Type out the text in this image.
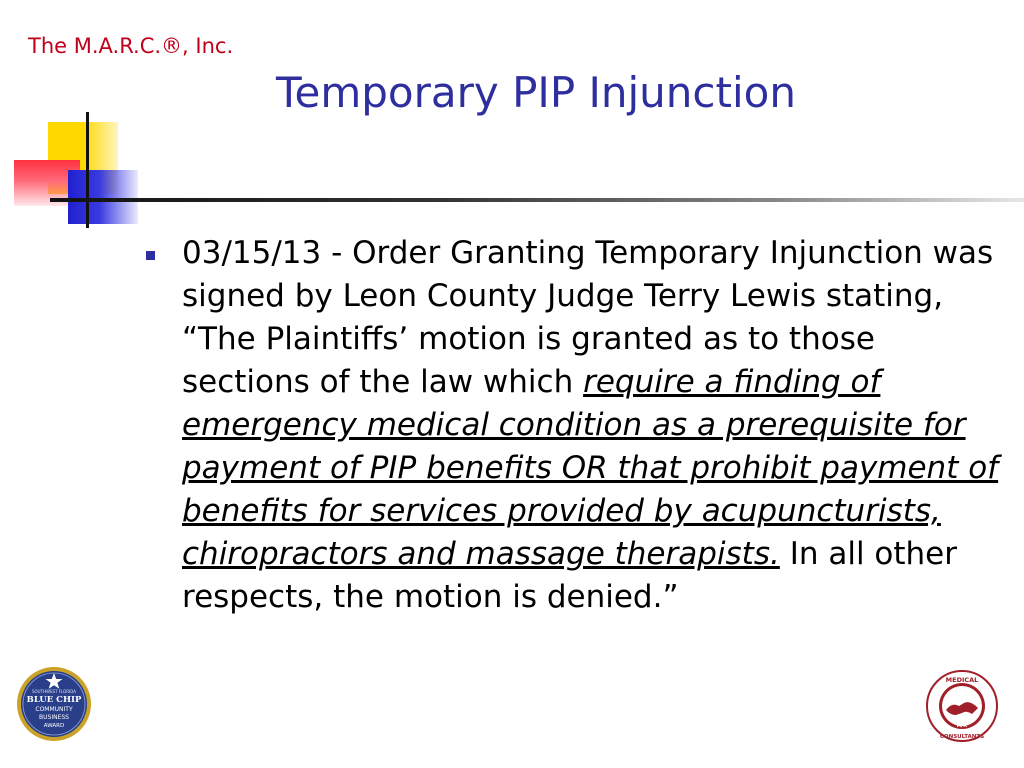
The M.A.R.C.®, Inc.
Temporary PIP Injunction
03/15/13 - Order Granting Temporary Injunction was signed by Leon County Judge Terry Lewis stating, “The Plaintiffs’ motion is granted as to those sections of the law which require a finding of emergency medical condition as a prerequisite for payment of PIP benefits OR that prohibit payment of benefits for services provided by acupuncturists, chiropractors and massage therapists. In all other respects, the motion is denied.”
SOUTHWEST FLORIDA
BLUE CHIP
COMMUNITY
BUSINESS
AWARD
MEDICAL
A/R
CONSULTANTS
